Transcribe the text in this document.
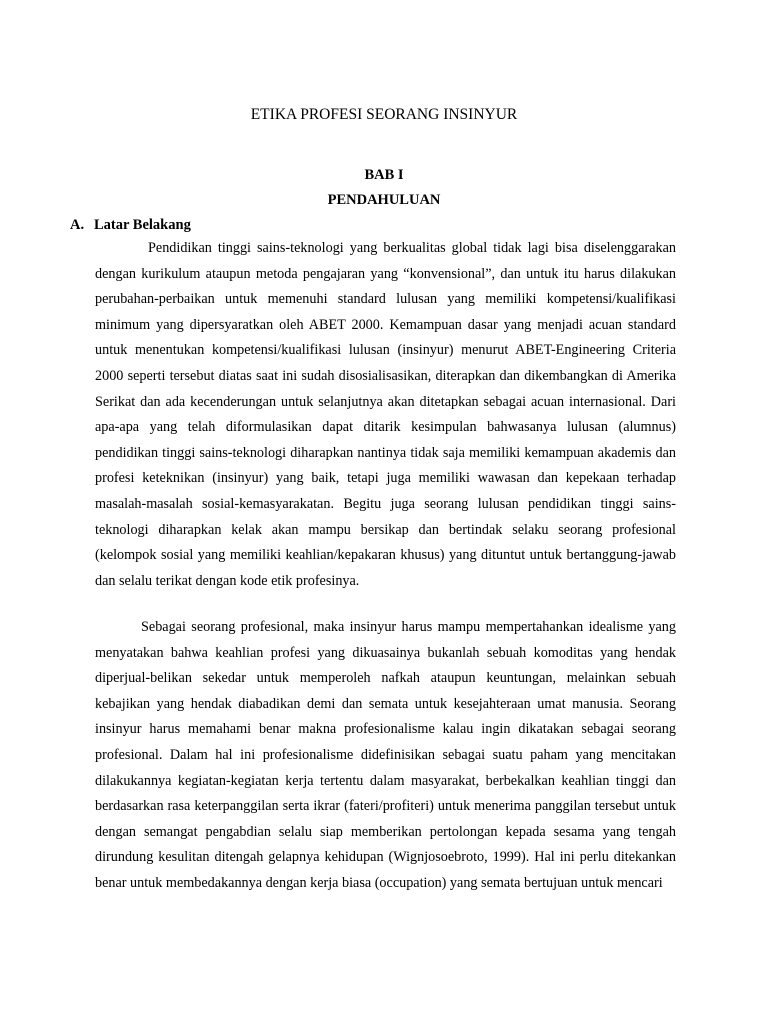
ETIKA PROFESI SEORANG INSINYUR
BAB I
PENDAHULUAN
A. Latar Belakang

Pendidikan tinggi sains-teknologi yang berkualitas global tidak lagi bisa diselenggarakan dengan kurikulum ataupun metoda pengajaran yang “konvensional”, dan untuk itu harus dilakukan perubahan-perbaikan untuk memenuhi standard lulusan yang memiliki kompetensi/kualifikasi minimum yang dipersyaratkan oleh ABET 2000. Kemampuan dasar yang menjadi acuan standard untuk menentukan kompetensi/kualifikasi lulusan (insinyur) menurut ABET-Engineering Criteria 2000 seperti tersebut diatas saat ini sudah disosialisasikan, diterapkan dan dikembangkan di Amerika Serikat dan ada kecenderungan untuk selanjutnya akan ditetapkan sebagai acuan internasional. Dari apa-apa yang telah diformulasikan dapat ditarik kesimpulan bahwasanya lulusan (alumnus) pendidikan tinggi sains-teknologi diharapkan nantinya tidak saja memiliki kemampuan akademis dan profesi keteknikan (insinyur) yang baik, tetapi juga memiliki wawasan dan kepekaan terhadap masalah-masalah sosial-kemasyarakatan. Begitu juga seorang lulusan pendidikan tinggi sains-teknologi diharapkan kelak akan mampu bersikap dan bertindak selaku seorang profesional (kelompok sosial yang memiliki keahlian/kepakaran khusus) yang dituntut untuk bertanggung-jawab dan selalu terikat dengan kode etik profesinya.

Sebagai seorang profesional, maka insinyur harus mampu mempertahankan idealisme yang menyatakan bahwa keahlian profesi yang dikuasainya bukanlah sebuah komoditas yang hendak diperjual-belikan sekedar untuk memperoleh nafkah ataupun keuntungan, melainkan sebuah kebajikan yang hendak diabadikan demi dan semata untuk kesejahteraan umat manusia. Seorang insinyur harus memahami benar makna profesionalisme kalau ingin dikatakan sebagai seorang profesional. Dalam hal ini profesionalisme didefinisikan sebagai suatu paham yang mencitakan dilakukannya kegiatan-kegiatan kerja tertentu dalam masyarakat, berbekalkan keahlian tinggi dan berdasarkan rasa keterpanggilan serta ikrar (fateri/profiteri) untuk menerima panggilan tersebut untuk dengan semangat pengabdian selalu siap memberikan pertolongan kepada sesama yang tengah dirundung kesulitan ditengah gelapnya kehidupan (Wignjosoebroto, 1999). Hal ini perlu ditekankan benar untuk membedakannya dengan kerja biasa (occupation) yang semata bertujuan untuk mencari
